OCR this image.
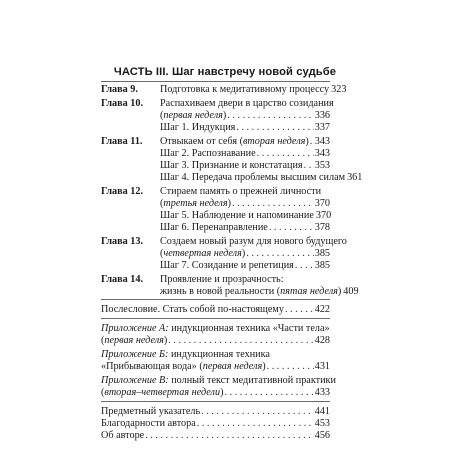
ЧАСТЬ III. Шаг навстречу новой судьбе
Глава 9. Подготовка к медитативному процессу 323
Глава 10. Распахиваем двери в царство созидания
(первая неделя) . . .	336
Шаг 1. Индукция . . .	337
Глава 11. Отвыкаем от себя (вторая неделя) . . . 343
Шаг 2. Распознавание . . .	343
Шаг 3. Признание и констатация . . . 353
Шаг 4. Передача проблемы высшим силам 361
Глава 12. Стираем память о прежней личности
(третья неделя) . . .	370
Шаг 5. Наблюдение и напоминание 370
Шаг 6. Перенаправление . . .	378
Глава 13. Создаем новый разум для нового будущего
(четвертая неделя) . . .	385
Шаг 7. Созидание и репетиция . . . 385
Глава 14. Проявление и прозрачность:
жизнь в новой реальности (пятая неделя) 409
Послесловие. Стать собой по-настоящему . . .	422
Приложение А: индукционная техника «Части тела»
(первая неделя) . . .	428
Приложение Б: индукционная техника
«Прибывающая вода» (первая неделя) . . .	431
Приложение В: полный текст медитативной практики
(вторая–четвертая недели) . . .	433
Предметный указатель . . .	441
Благодарности автора . . .	453
Об авторе . . .	456
